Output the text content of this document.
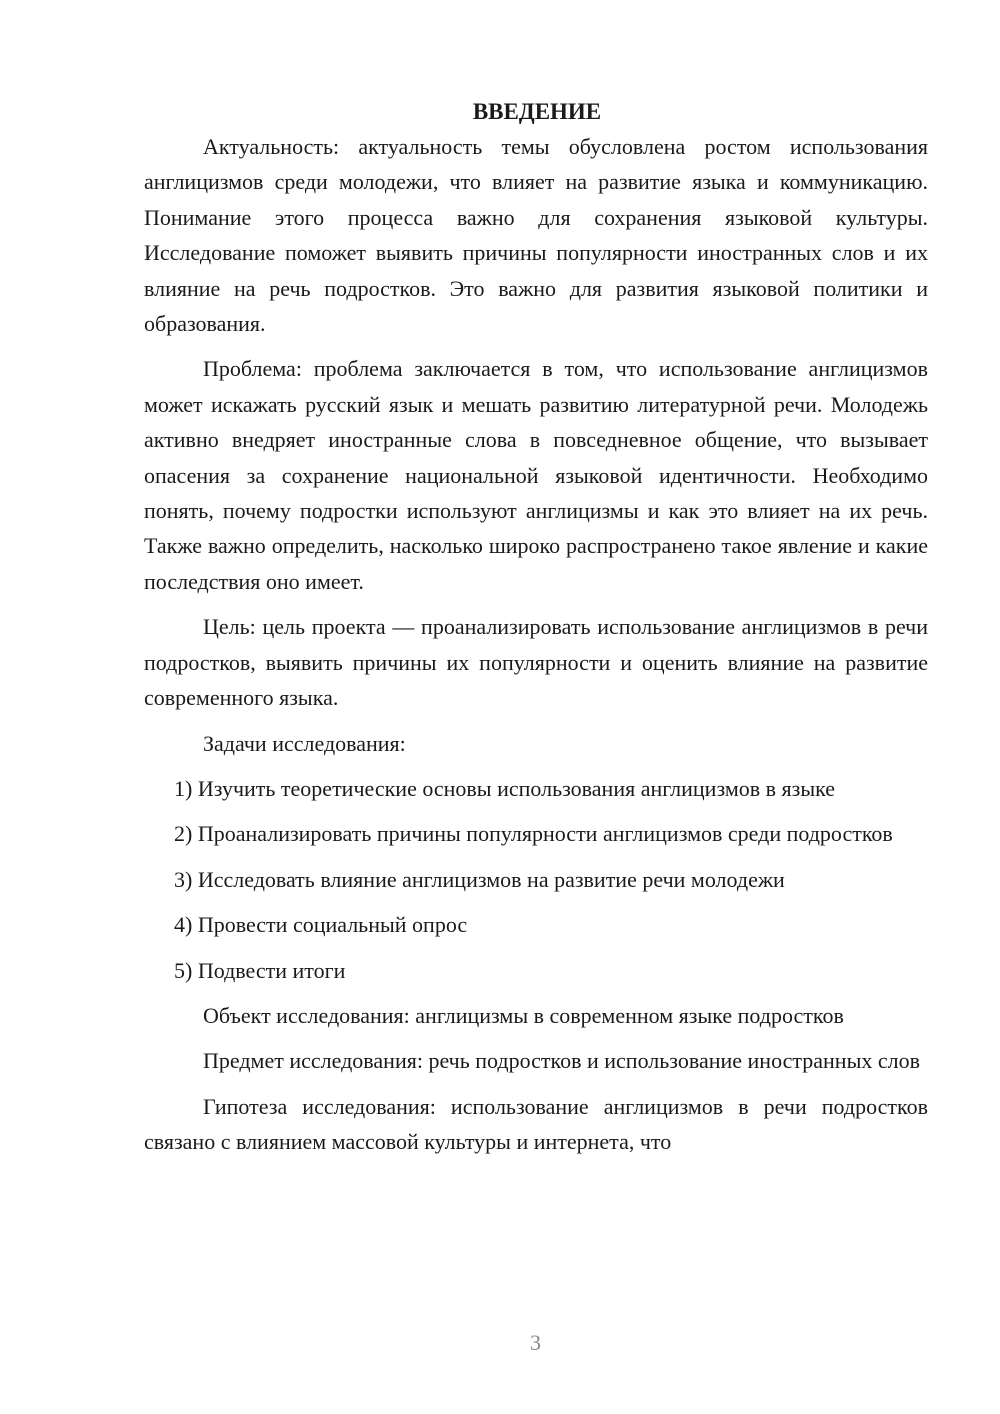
ВВЕДЕНИЕ

Актуальность: актуальность темы обусловлена ростом использования англицизмов среди молодежи, что влияет на развитие языка и коммуникацию. Понимание этого процесса важно для сохранения языковой культуры. Исследование поможет выявить причины популярности иностранных слов и их влияние на речь подростков. Это важно для развития языковой политики и образования.

Проблема: проблема заключается в том, что использование англицизмов может искажать русский язык и мешать развитию литературной речи. Молодежь активно внедряет иностранные слова в повседневное общение, что вызывает опасения за сохранение национальной языковой идентичности. Необходимо понять, почему подростки используют англицизмы и как это влияет на их речь. Также важно определить, насколько широко распространено такое явление и какие последствия оно имеет.

Цель: цель проекта — проанализировать использование англицизмов в речи подростков, выявить причины их популярности и оценить влияние на развитие современного языка.

Задачи исследования:

1) Изучить теоретические основы использования англицизмов в языке

2) Проанализировать причины популярности англицизмов среди подростков

3) Исследовать влияние англицизмов на развитие речи молодежи

4) Провести социальный опрос

5) Подвести итоги

Объект исследования: англицизмы в современном языке подростков

Предмет исследования: речь подростков и использование иностранных слов

Гипотеза исследования: использование англицизмов в речи подростков связано с влиянием массовой культуры и интернета, что

3
